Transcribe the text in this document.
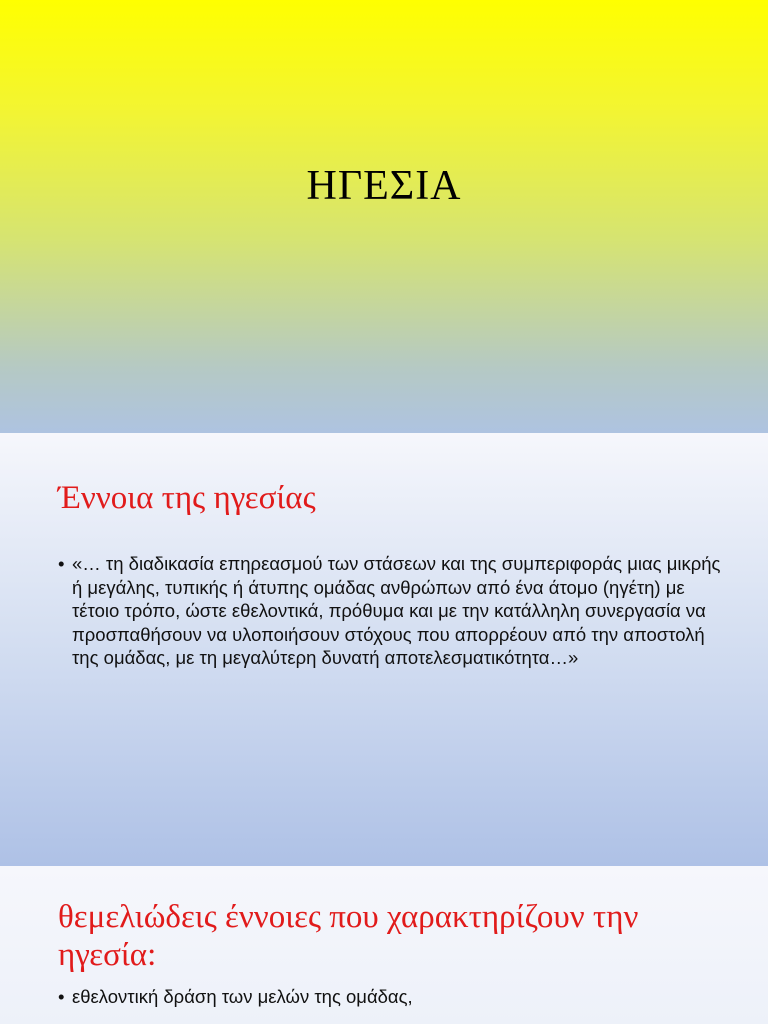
ΗΓΕΣΙΑ
Έννοια της ηγεσίας
• «… τη διαδικασία επηρεασμού των στάσεων και της συμπεριφοράς μιας μικρής ή μεγάλης, τυπικής ή άτυπης ομάδας ανθρώπων από ένα άτομο (ηγέτη) με τέτοιο τρόπο, ώστε εθελοντικά, πρόθυμα και με την κατάλληλη συνεργασία να προσπαθήσουν να υλοποιήσουν στόχους που απορρέουν από την αποστολή της ομάδας, με τη μεγαλύτερη δυνατή αποτελεσματικότητα…»
θεμελιώδεις έννοιες που χαρακτηρίζουν την ηγεσία:
• εθελοντική δράση των μελών της ομάδας,
